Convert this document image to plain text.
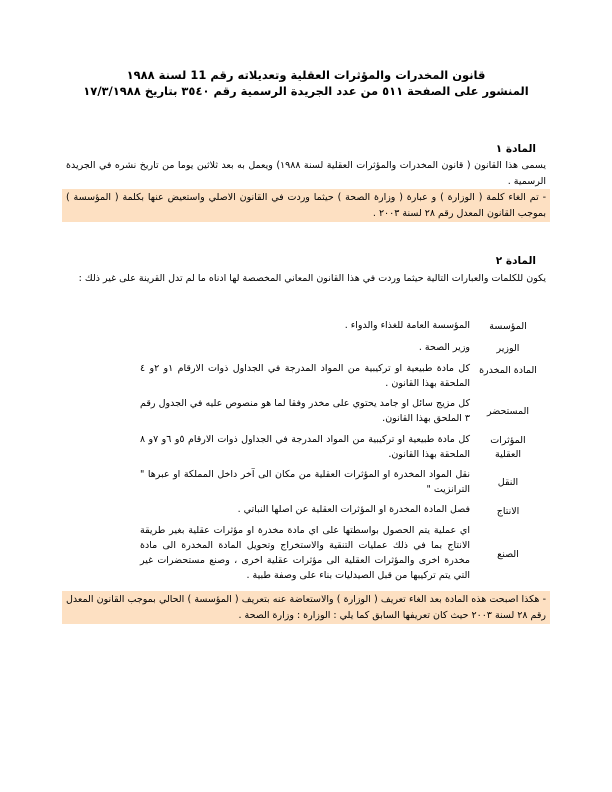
قانون المخدرات والمؤثرات العقلية وتعديلاته رقم 11 لسنة ١٩٨٨
المنشور على الصفحة ٥١١ من عدد الجريدة الرسمية رقم ٣٥٤٠ بتاريخ ١٧/٣/١٩٨٨
المادة ١
يسمى هذا القانون ( قانون المخدرات والمؤثرات العقلية لسنة ١٩٨٨) ويعمل به بعد ثلاثين يوما من تاريخ نشره في الجريدة الرسمية .
- تم الغاء كلمة ( الوزارة ) و عبارة ( وزارة الصحة ) حيثما وردت في القانون الاصلي واستعيض عنها بكلمة ( المؤسسة ) بموجب القانون المعدل رقم ٢٨ لسنة ٢٠٠٣ .
المادة ٢
يكون للكلمات والعبارات التالية حيثما وردت في هذا القانون المعاني المخصصة لها ادناه ما لم تدل القرينة على غير ذلك :
المؤسسة
المؤسسة العامة للغذاء والدواء .
الوزير
وزير الصحة .
المادة المخدرة
كل مادة طبيعية او تركيبية من المواد المدرجة في الجداول ذوات الارقام ١و ٢و ٤ الملحقة بهذا القانون .
المستحضر
كل مزيج سائل او جامد يحتوي على مخدر وفقا لما هو منصوص عليه في الجدول رقم ٣ الملحق بهذا القانون.
المؤثرات العقلية
كل مادة طبيعية او تركيبية من المواد المدرجة في الجداول ذوات الارقام ٥و ٦و ٧و ٨ الملحقة بهذا القانون.
النقل
نقل المواد المخدرة او المؤثرات العقلية من مكان الى آخر داخل المملكة او عبرها " الترانزيت "
الانتاج
فصل المادة المخدرة او المؤثرات العقلية عن اصلها النباتي .
الصنع
اي عملية يتم الحصول بواسطتها على اي مادة مخدرة او مؤثرات عقلية بغير طريقة الانتاج بما في ذلك عمليات التنقية والاستخراج وتحويل المادة المخدرة الى مادة مخدرة اخرى والمؤثرات العقلية الى مؤثرات عقلية اخرى ، وصنع مستحضرات غير التي يتم تركيبها من قبل الصيدليات بناء على وصفة طبية .
- هكذا اصبحت هذه المادة بعد الغاء تعريف ( الوزارة ) والاستعاضة عنه بتعريف ( المؤسسة ) الحالي بموجب القانون المعدل رقم ٢٨ لسنة ٢٠٠٣ حيث كان تعريفها السابق كما يلي : الوزارة : وزارة الصحة .
